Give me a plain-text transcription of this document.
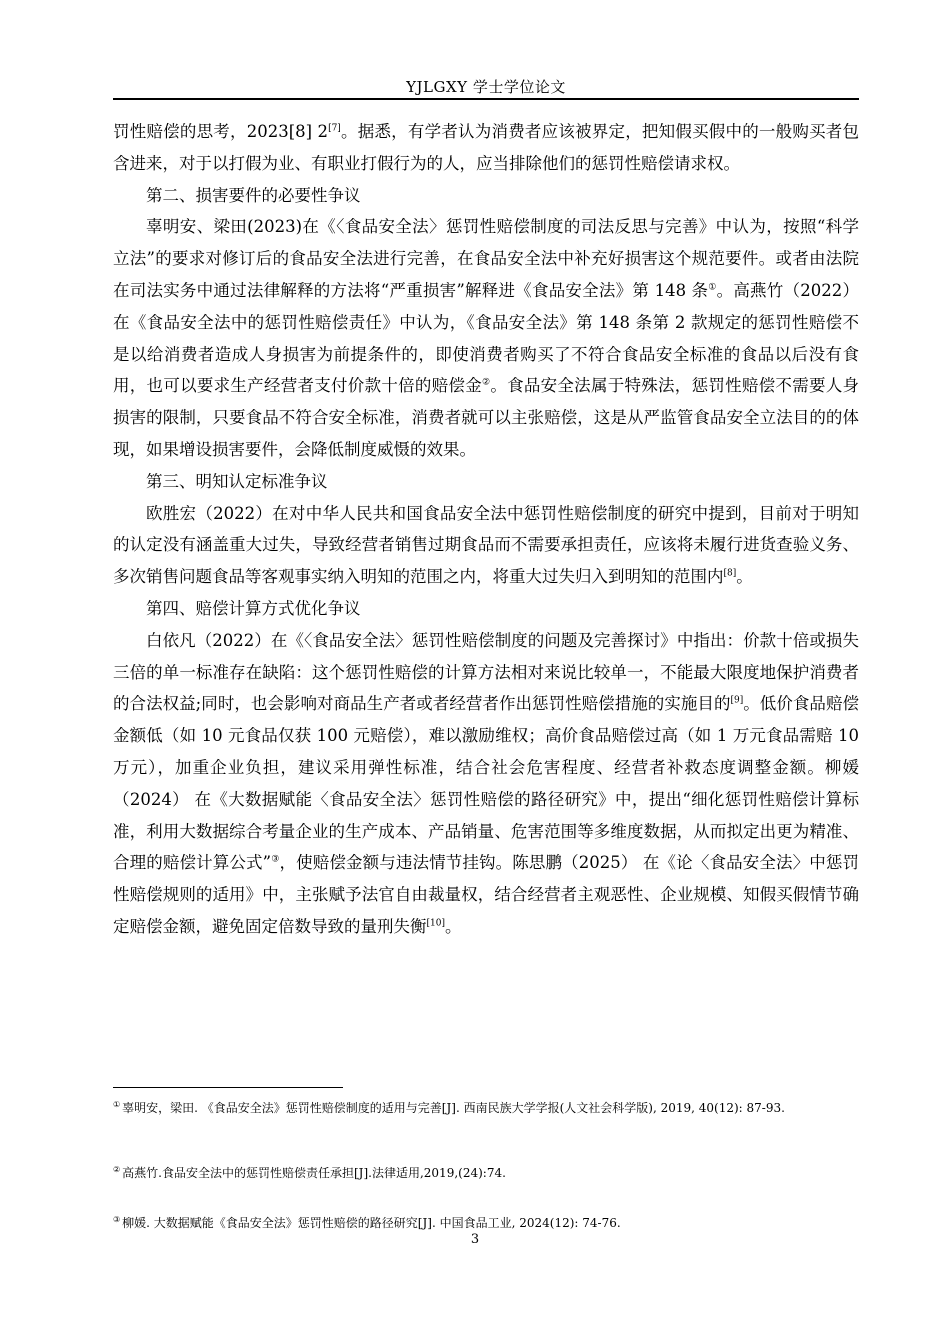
YJLGXY 学士学位论文

罚性赔偿的思考，2023[8] 2[7]。据悉，有学者认为消费者应该被界定，把知假买假中的一般购买者包含进来，对于以打假为业、有职业打假行为的人，应当排除他们的惩罚性赔偿请求权。

第二、损害要件的必要性争议

辜明安、梁田(2023)在《〈食品安全法〉惩罚性赔偿制度的司法反思与完善》中认为，按照“科学立法”的要求对修订后的食品安全法进行完善，在食品安全法中补充好损害这个规范要件。或者由法院在司法实务中通过法律解释的方法将“严重损害”解释进《食品安全法》第 148 条①。高燕竹（2022）在《食品安全法中的惩罚性赔偿责任》中认为，《食品安全法》第 148 条第 2 款规定的惩罚性赔偿不是以给消费者造成人身损害为前提条件的，即使消费者购买了不符合食品安全标准的食品以后没有食用，也可以要求生产经营者支付价款十倍的赔偿金②。食品安全法属于特殊法，惩罚性赔偿不需要人身损害的限制，只要食品不符合安全标准，消费者就可以主张赔偿，这是从严监管食品安全立法目的的体现，如果增设损害要件，会降低制度威慑的效果。

第三、明知认定标准争议

欧胜宏（2022）在对中华人民共和国食品安全法中惩罚性赔偿制度的研究中提到，目前对于明知的认定没有涵盖重大过失，导致经营者销售过期食品而不需要承担责任，应该将未履行进货查验义务、多次销售问题食品等客观事实纳入明知的范围之内，将重大过失归入到明知的范围内[8]。

第四、赔偿计算方式优化争议

白依凡（2022）在《〈食品安全法〉惩罚性赔偿制度的问题及完善探讨》中指出：价款十倍或损失三倍的单一标准存在缺陷：这个惩罚性赔偿的计算方法相对来说比较单一，不能最大限度地保护消费者的合法权益;同时，也会影响对商品生产者或者经营者作出惩罚性赔偿措施的实施目的[9]。低价食品赔偿金额低（如 10 元食品仅获 100 元赔偿），难以激励维权；高价食品赔偿过高（如 1 万元食品需赔 10 万元），加重企业负担，建议采用弹性标准，结合社会危害程度、经营者补救态度调整金额。柳媛（2024） 在《大数据赋能〈食品安全法〉惩罚性赔偿的路径研究》中，提出“细化惩罚性赔偿计算标准，利用大数据综合考量企业的生产成本、产品销量、危害范围等多维度数据，从而拟定出更为精准、合理的赔偿计算公式”③，使赔偿金额与违法情节挂钩。陈思鹏（2025） 在《论〈食品安全法〉中惩罚性赔偿规则的适用》中，主张赋予法官自由裁量权，结合经营者主观恶性、企业规模、知假买假情节确定赔偿金额，避免固定倍数导致的量刑失衡[10]。

① 辜明安，梁田. 《食品安全法》惩罚性赔偿制度的适用与完善[J]. 西南民族大学学报(人文社会科学版), 2019, 40(12): 87-93.
② 高燕竹.食品安全法中的惩罚性赔偿责任承担[J].法律适用,2019,(24):74.
③ 柳媛. 大数据赋能《食品安全法》惩罚性赔偿的路径研究[J]. 中国食品工业, 2024(12): 74-76.
3
